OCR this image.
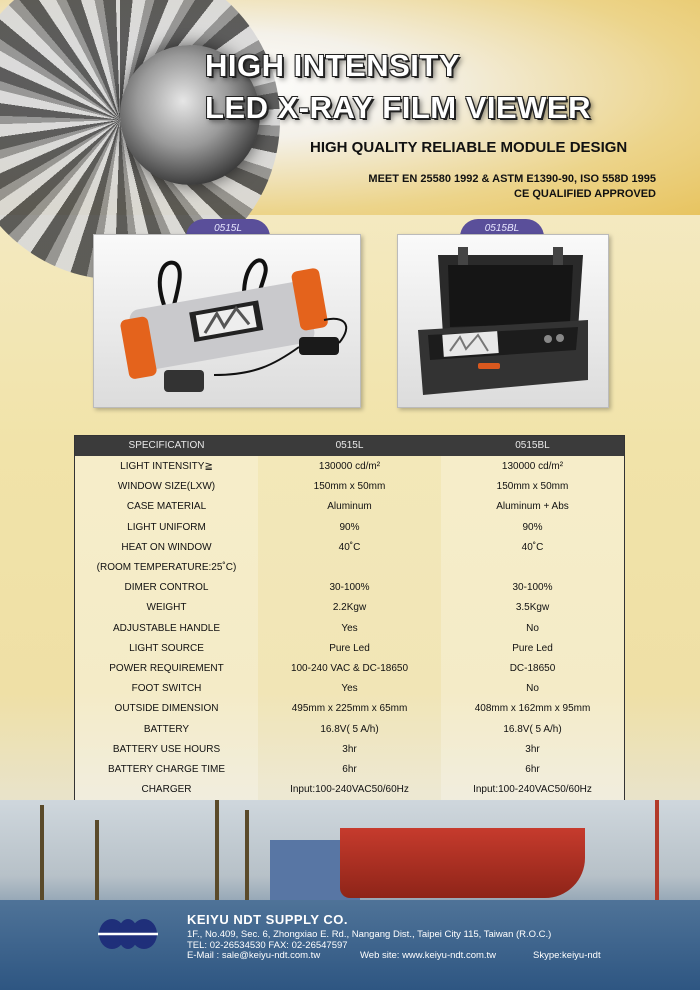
HIGH INTENSITY
LED X-RAY FILM VIEWER
HIGH QUALITY RELIABLE MODULE DESIGN
MEET EN 25580 1992 & ASTM E1390-90, ISO 558D 1995
CE QUALIFIED APPROVED
0515L	0515BL
SPECIFICATION	0515L	0515BL
LIGHT INTENSITY≧	130000 cd/m²	130000 cd/m²
WINDOW SIZE(LXW)	150mm x 50mm	150mm x 50mm
CASE MATERIAL	Aluminum	Aluminum + Abs
LIGHT UNIFORM	90%	90%
HEAT ON WINDOW	40˚C	40˚C
(ROOM TEMPERATURE:25˚C)
DIMER CONTROL	30-100%	30-100%
WEIGHT	2.2Kgw	3.5Kgw
ADJUSTABLE HANDLE	Yes	No
LIGHT SOURCE	Pure Led	Pure Led
POWER REQUIREMENT	100-240 VAC & DC-18650	DC-18650
FOOT SWITCH	Yes	No
OUTSIDE DIMENSION	495mm x 225mm x 65mm	408mm x 162mm x 95mm
BATTERY	16.8V( 5 A/h)	16.8V( 5 A/h)
BATTERY USE HOURS	3hr	3hr
BATTERY CHARGE TIME	6hr	6hr
CHARGER	Input:100-240VAC50/60Hz	Input:100-240VAC50/60Hz
KEIYU NDT SUPPLY CO.
1F., No.409, Sec. 6, Zhongxiao E. Rd., Nangang Dist., Taipei City 115, Taiwan (R.O.C.)
TEL: 02-26534530 FAX: 02-26547597
E-Mail : sale@keiyu-ndt.com.tw	Web site: www.keiyu-ndt.com.tw	Skype:keiyu-ndt
